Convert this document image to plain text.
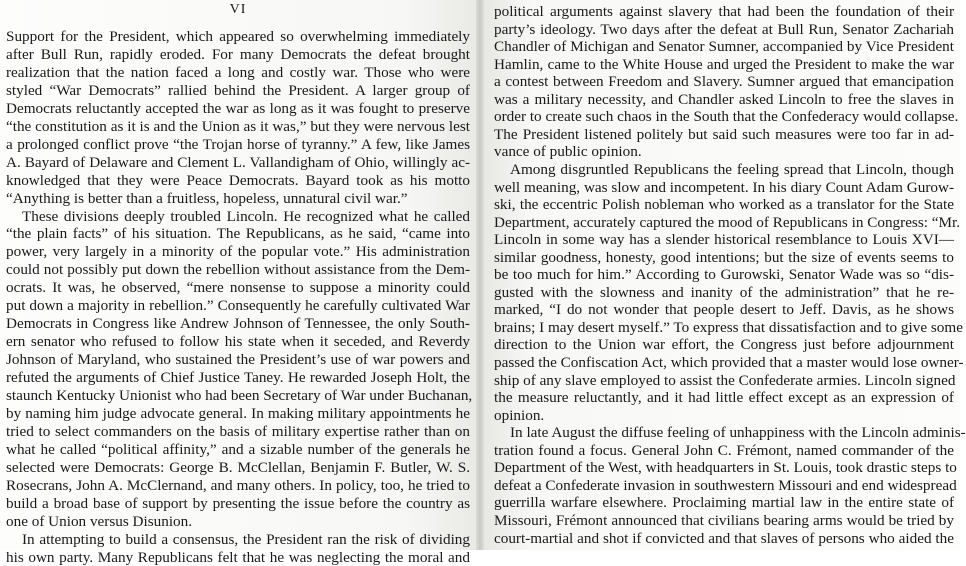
VI
Support for the President, which appeared so overwhelming immediately
after Bull Run, rapidly eroded. For many Democrats the defeat brought
realization that the nation faced a long and costly war. Those who were
styled “War Democrats” rallied behind the President. A larger group of
Democrats reluctantly accepted the war as long as it was fought to preserve
“the constitution as it is and the Union as it was,” but they were nervous lest
a prolonged conflict prove “the Trojan horse of tyranny.” A few, like James
A. Bayard of Delaware and Clement L. Vallandigham of Ohio, willingly ac-
knowledged that they were Peace Democrats. Bayard took as his motto
“Anything is better than a fruitless, hopeless, unnatural civil war.”
These divisions deeply troubled Lincoln. He recognized what he called
“the plain facts” of his situation. The Republicans, as he said, “came into
power, very largely in a minority of the popular vote.” His administration
could not possibly put down the rebellion without assistance from the Dem-
ocrats. It was, he observed, “mere nonsense to suppose a minority could
put down a majority in rebellion.” Consequently he carefully cultivated War
Democrats in Congress like Andrew Johnson of Tennessee, the only South-
ern senator who refused to follow his state when it seceded, and Reverdy
Johnson of Maryland, who sustained the President’s use of war powers and
refuted the arguments of Chief Justice Taney. He rewarded Joseph Holt, the
staunch Kentucky Unionist who had been Secretary of War under Buchanan,
by naming him judge advocate general. In making military appointments he
tried to select commanders on the basis of military expertise rather than on
what he called “political affinity,” and a sizable number of the generals he
selected were Democrats: George B. McClellan, Benjamin F. Butler, W. S.
Rosecrans, John A. McClernand, and many others. In policy, too, he tried to
build a broad base of support by presenting the issue before the country as
one of Union versus Disunion.
In attempting to build a consensus, the President ran the risk of dividing
his own party. Many Republicans felt that he was neglecting the moral and
political arguments against slavery that had been the foundation of their
party’s ideology. Two days after the defeat at Bull Run, Senator Zachariah
Chandler of Michigan and Senator Sumner, accompanied by Vice President
Hamlin, came to the White House and urged the President to make the war
a contest between Freedom and Slavery. Sumner argued that emancipation
was a military necessity, and Chandler asked Lincoln to free the slaves in
order to create such chaos in the South that the Confederacy would collapse.
The President listened politely but said such measures were too far in ad-
vance of public opinion.
Among disgruntled Republicans the feeling spread that Lincoln, though
well meaning, was slow and incompetent. In his diary Count Adam Gurow-
ski, the eccentric Polish nobleman who worked as a translator for the State
Department, accurately captured the mood of Republicans in Congress: “Mr.
Lincoln in some way has a slender historical resemblance to Louis XVI—
similar goodness, honesty, good intentions; but the size of events seems to
be too much for him.” According to Gurowski, Senator Wade was so “dis-
gusted with the slowness and inanity of the administration” that he re-
marked, “I do not wonder that people desert to Jeff. Davis, as he shows
brains; I may desert myself.” To express that dissatisfaction and to give some
direction to the Union war effort, the Congress just before adjournment
passed the Confiscation Act, which provided that a master would lose owner-
ship of any slave employed to assist the Confederate armies. Lincoln signed
the measure reluctantly, and it had little effect except as an expression of
opinion.
In late August the diffuse feeling of unhappiness with the Lincoln adminis-
tration found a focus. General John C. Frémont, named commander of the
Department of the West, with headquarters in St. Louis, took drastic steps to
defeat a Confederate invasion in southwestern Missouri and end widespread
guerrilla warfare elsewhere. Proclaiming martial law in the entire state of
Missouri, Frémont announced that civilians bearing arms would be tried by
court-martial and shot if convicted and that slaves of persons who aided the
